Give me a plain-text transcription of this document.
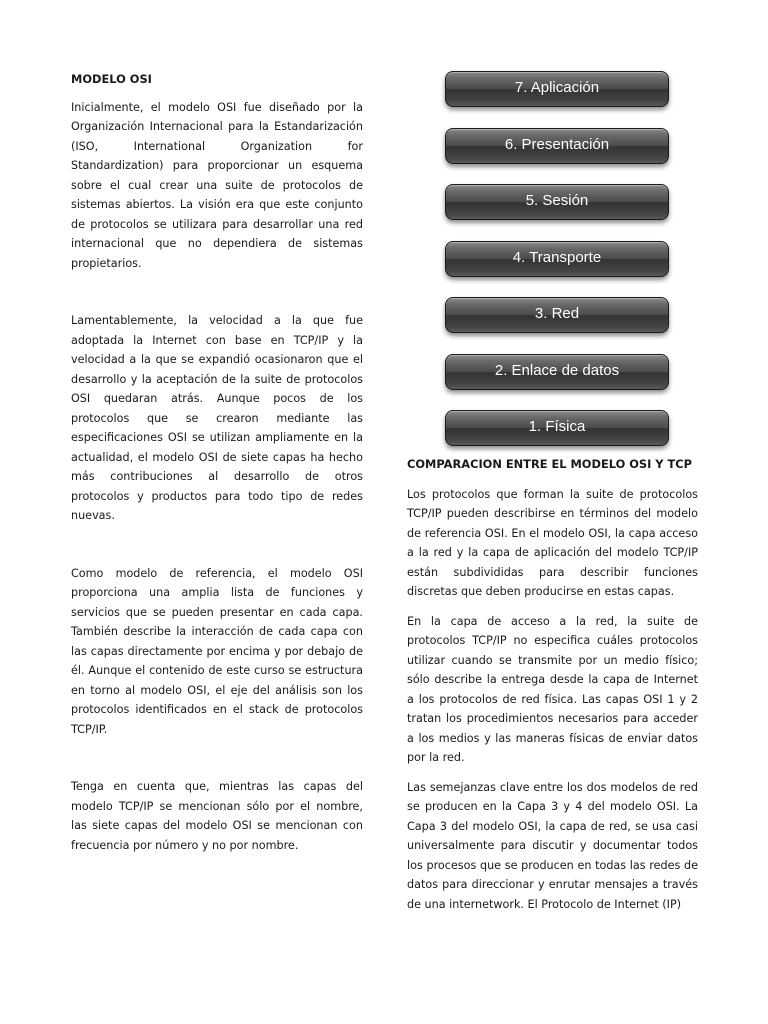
MODELO OSI

Inicialmente, el modelo OSI fue diseñado por la Organización Internacional para la Estandarización (ISO, International Organization for Standardization) para proporcionar un esquema sobre el cual crear una suite de protocolos de sistemas abiertos. La visión era que este conjunto de protocolos se utilizara para desarrollar una red internacional que no dependiera de sistemas propietarios.

Lamentablemente, la velocidad a la que fue adoptada la Internet con base en TCP/IP y la velocidad a la que se expandió ocasionaron que el desarrollo y la aceptación de la suite de protocolos OSI quedaran atrás. Aunque pocos de los protocolos que se crearon mediante las especificaciones OSI se utilizan ampliamente en la actualidad, el modelo OSI de siete capas ha hecho más contribuciones al desarrollo de otros protocolos y productos para todo tipo de redes nuevas.

Como modelo de referencia, el modelo OSI proporciona una amplia lista de funciones y servicios que se pueden presentar en cada capa. También describe la interacción de cada capa con las capas directamente por encima y por debajo de él. Aunque el contenido de este curso se estructura en torno al modelo OSI, el eje del análisis son los protocolos identificados en el stack de protocolos TCP/IP.

Tenga en cuenta que, mientras las capas del modelo TCP/IP se mencionan sólo por el nombre, las siete capas del modelo OSI se mencionan con frecuencia por número y no por nombre.

7. Aplicación
6. Presentación
5. Sesión
4. Transporte
3. Red
2. Enlace de datos
1. Física

COMPARACION ENTRE EL MODELO OSI Y TCP

Los protocolos que forman la suite de protocolos TCP/IP pueden describirse en términos del modelo de referencia OSI. En el modelo OSI, la capa acceso a la red y la capa de aplicación del modelo TCP/IP están subdivididas para describir funciones discretas que deben producirse en estas capas.

En la capa de acceso a la red, la suite de protocolos TCP/IP no especifica cuáles protocolos utilizar cuando se transmite por un medio físico; sólo describe la entrega desde la capa de Internet a los protocolos de red física. Las capas OSI 1 y 2 tratan los procedimientos necesarios para acceder a los medios y las maneras físicas de enviar datos por la red.

Las semejanzas clave entre los dos modelos de red se producen en la Capa 3 y 4 del modelo OSI. La Capa 3 del modelo OSI, la capa de red, se usa casi universalmente para discutir y documentar todos los procesos que se producen en todas las redes de datos para direccionar y enrutar mensajes a través de una internetwork. El Protocolo de Internet (IP)
